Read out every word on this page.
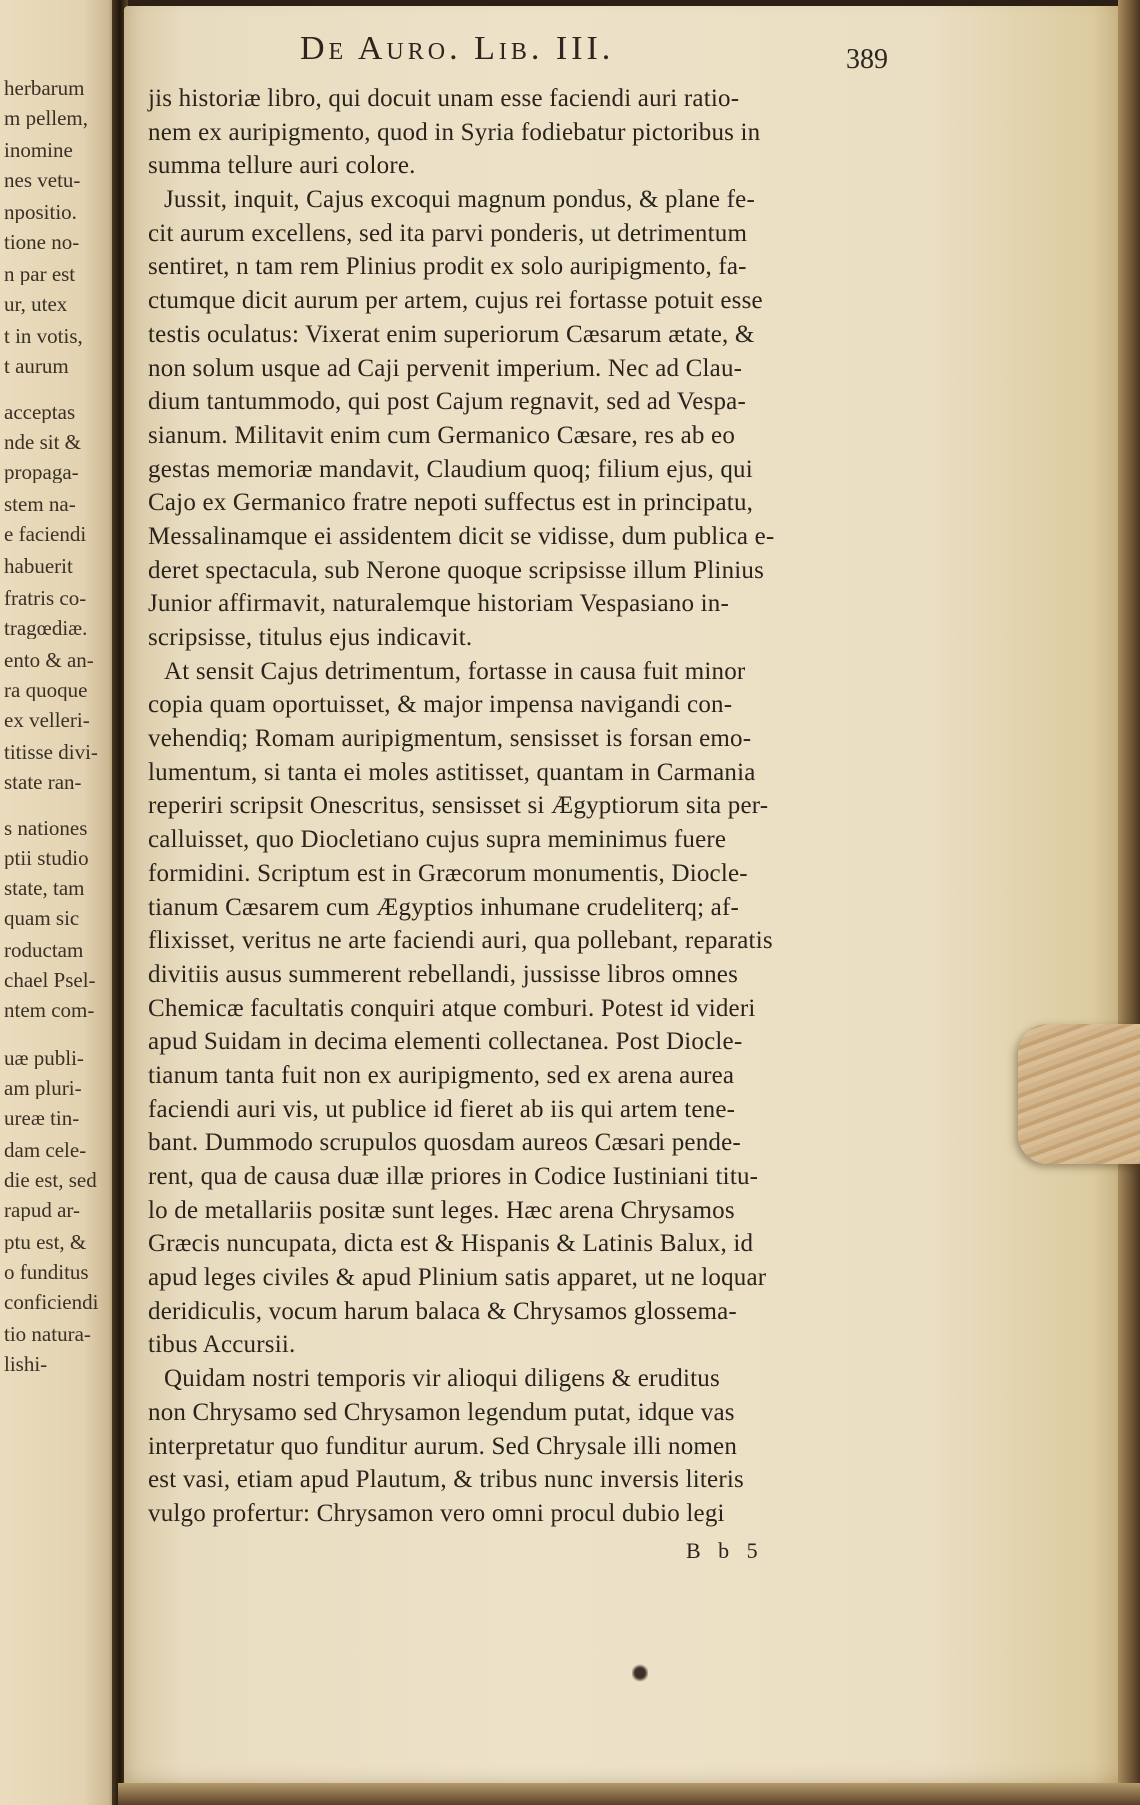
herbarum
m pellem,
inomine
nes vetu-
npositio.
tione no-
n par est
ur, utex
t in votis,
t aurum
acceptas
nde sit &
propaga-
stem na-
e faciendi
habuerit
fratris co-
tragœdiæ.
ento & an-
ra quoque
ex velleri-
titisse divi-
state ran-
s nationes
ptii studio
state, tam
quam sic
roductam
chael Psel-
ntem com-
uæ publi-
am pluri-
ureæ tin-
dam cele-
die est, sed
rapud ar-
ptu est, &
o funditus
conficiendi
tio natura-
lishi-
De Auro. Lib. III.	389
jis historiæ libro, qui docuit unam esse faciendi auri ratio-
nem ex auripigmento, quod in Syria fodiebatur pictoribus in
summa tellure auri colore.
Jussit, inquit, Cajus excoqui magnum pondus, & plane fe-
cit aurum excellens, sed ita parvi ponderis, ut detrimentum
sentiret, n tam rem Plinius prodit ex solo auripigmento, fa-
ctumque dicit aurum per artem, cujus rei fortasse potuit esse
testis oculatus: Vixerat enim superiorum Cæsarum ætate, &
non solum usque ad Caji pervenit imperium. Nec ad Clau-
dium tantummodo, qui post Cajum regnavit, sed ad Vespa-
sianum. Militavit enim cum Germanico Cæsare, res ab eo
gestas memoriæ mandavit, Claudium quoq; filium ejus, qui
Cajo ex Germanico fratre nepoti suffectus est in principatu,
Messalinamque ei assidentem dicit se vidisse, dum publica e-
deret spectacula, sub Nerone quoque scripsisse illum Plinius
Junior affirmavit, naturalemque historiam Vespasiano in-
scripsisse, titulus ejus indicavit.
At sensit Cajus detrimentum, fortasse in causa fuit minor
copia quam oportuisset, & major impensa navigandi con-
vehendiq; Romam auripigmentum, sensisset is forsan emo-
lumentum, si tanta ei moles astitisset, quantam in Carmania
reperiri scripsit Onescritus, sensisset si Ægyptiorum sita per-
calluisset, quo Diocletiano cujus supra meminimus fuere
formidini. Scriptum est in Græcorum monumentis, Diocle-
tianum Cæsarem cum Ægyptios inhumane crudeliterq; af-
flixisset, veritus ne arte faciendi auri, qua pollebant, reparatis
divitiis ausus summerent rebellandi, jussisse libros omnes
Chemicæ facultatis conquiri atque comburi. Potest id videri
apud Suidam in decima elementi collectanea. Post Diocle-
tianum tanta fuit non ex auripigmento, sed ex arena aurea
faciendi auri vis, ut publice id fieret ab iis qui artem tene-
bant. Dummodo scrupulos quosdam aureos Cæsari pende-
rent, qua de causa duæ illæ priores in Codice Iustiniani titu-
lo de metallariis positæ sunt leges. Hæc arena Chrysamos
Græcis nuncupata, dicta est & Hispanis & Latinis Balux, id
apud leges civiles & apud Plinium satis apparet, ut ne loquar
deridiculis, vocum harum balaca & Chrysamos glossema-
tibus Accursii.
Quidam nostri temporis vir alioqui diligens & eruditus
non Chrysamo sed Chrysamon legendum putat, idque vas
interpretatur quo funditur aurum. Sed Chrysale illi nomen
est vasi, etiam apud Plautum, & tribus nunc inversis literis
vulgo profertur: Chrysamon vero omni procul dubio legi
B b 5
